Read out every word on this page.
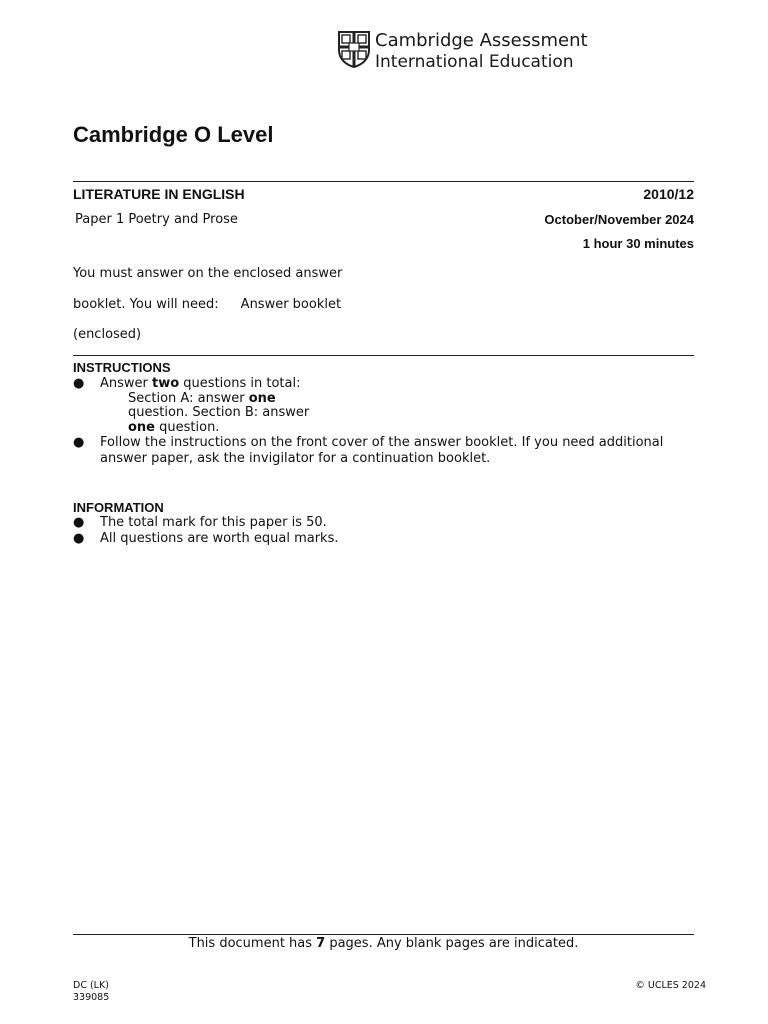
Cambridge Assessment
International Education
Cambridge O Level
LITERATURE IN ENGLISH	2010/12
Paper 1 Poetry and Prose	October/November 2024
1 hour 30 minutes
You must answer on the enclosed answer
booklet. You will need: Answer booklet
(enclosed)
INSTRUCTIONS
● Answer two questions in total:
Section A: answer one
question. Section B: answer
one question.
● Follow the instructions on the front cover of the answer booklet. If you need additional
answer paper, ask the invigilator for a continuation booklet.
INFORMATION
● The total mark for this paper is 50.
● All questions are worth equal marks.
This document has 7 pages. Any blank pages are indicated.
DC (LK)
339085
© UCLES 2024
